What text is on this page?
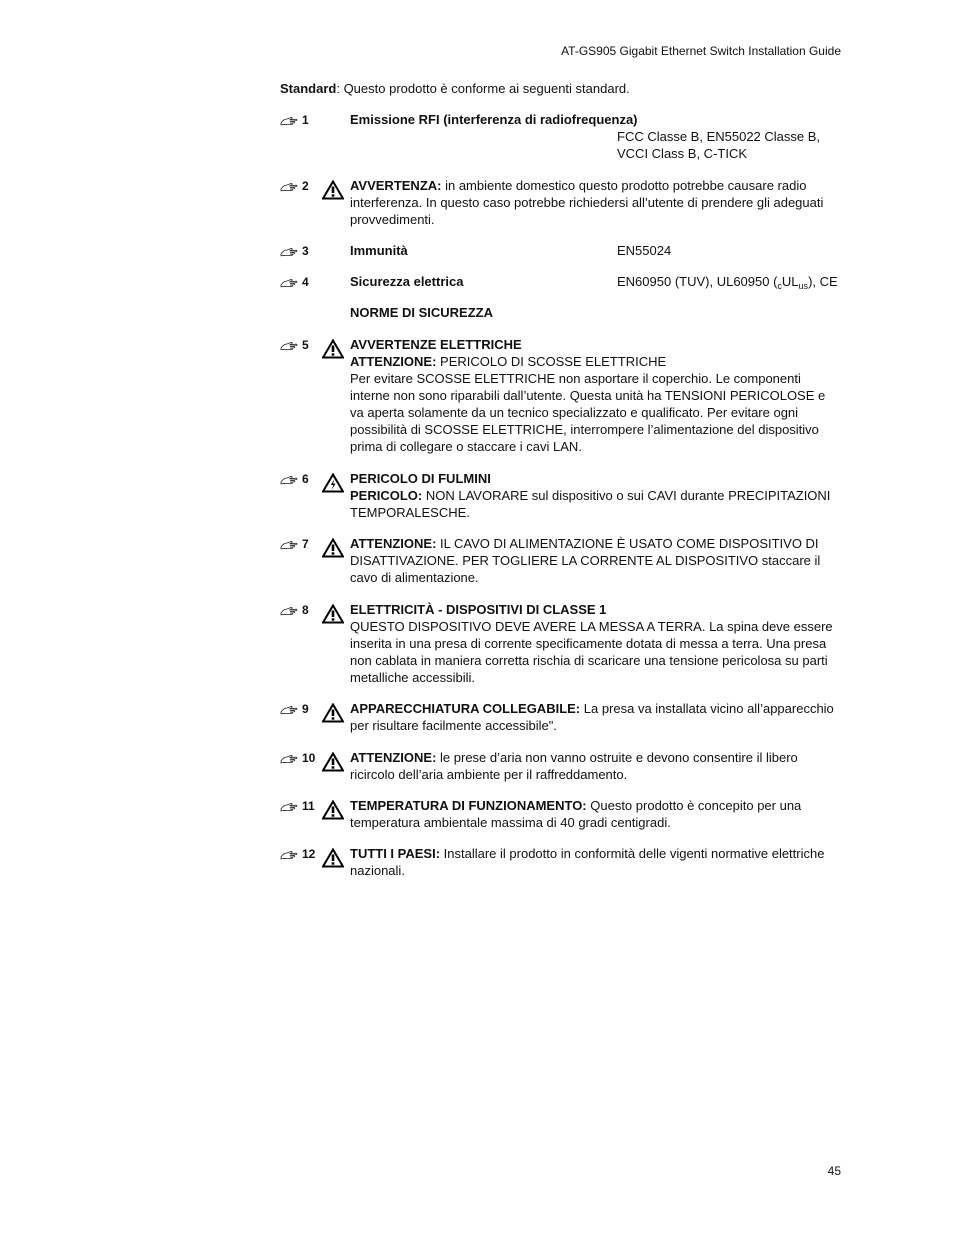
AT-GS905 Gigabit Ethernet Switch Installation Guide
Standard: Questo prodotto è conforme ai seguenti standard.
1	Emissione RFI (interferenza di radiofrequenza)
FCC Classe B, EN55022 Classe B,
VCCI Class B, C-TICK
2	AVVERTENZA: in ambiente domestico questo prodotto potrebbe causare radio interferenza. In questo caso potrebbe richiedersi all’utente di prendere gli adeguati provvedimenti.
3	Immunità	EN55024
4	Sicurezza elettrica	EN60950 (TUV), UL60950 $(_cUL_{us})$, CE
NORME DI SICUREZZA
5	AVVERTENZE ELETTRICHE
ATTENZIONE: PERICOLO DI SCOSSE ELETTRICHE
Per evitare SCOSSE ELETTRICHE non asportare il coperchio. Le componenti interne non sono riparabili dall’utente. Questa unità ha TENSIONI PERICOLOSE e va aperta solamente da un tecnico specializzato e qualificato. Per evitare ogni possibilità di SCOSSE ELETTRICHE, interrompere l’alimentazione del dispositivo prima di collegare o staccare i cavi LAN.
6	PERICOLO DI FULMINI
PERICOLO: NON LAVORARE sul dispositivo o sui CAVI durante PRECIPITAZIONI TEMPORALESCHE.
7	ATTENZIONE: IL CAVO DI ALIMENTAZIONE È USATO COME DISPOSITIVO DI DISATTIVAZIONE. PER TOGLIERE LA CORRENTE AL DISPOSITIVO staccare il cavo di alimentazione.
8	ELETTRICITÀ - DISPOSITIVI DI CLASSE 1
QUESTO DISPOSITIVO DEVE AVERE LA MESSA A TERRA. La spina deve essere inserita in una presa di corrente specificamente dotata di messa a terra. Una presa non cablata in maniera corretta rischia di scaricare una tensione pericolosa su parti metalliche accessibili.
9	APPARECCHIATURA COLLEGABILE: La presa va installata vicino all’apparecchio per risultare facilmente accessibile".
10	ATTENZIONE: le prese d’aria non vanno ostruite e devono consentire il libero ricircolo dell’aria ambiente per il raffreddamento.
11	TEMPERATURA DI FUNZIONAMENTO: Questo prodotto è concepito per una temperatura ambientale massima di 40 gradi centigradi.
12	TUTTI I PAESI: Installare il prodotto in conformità delle vigenti normative elettriche nazionali.
45
